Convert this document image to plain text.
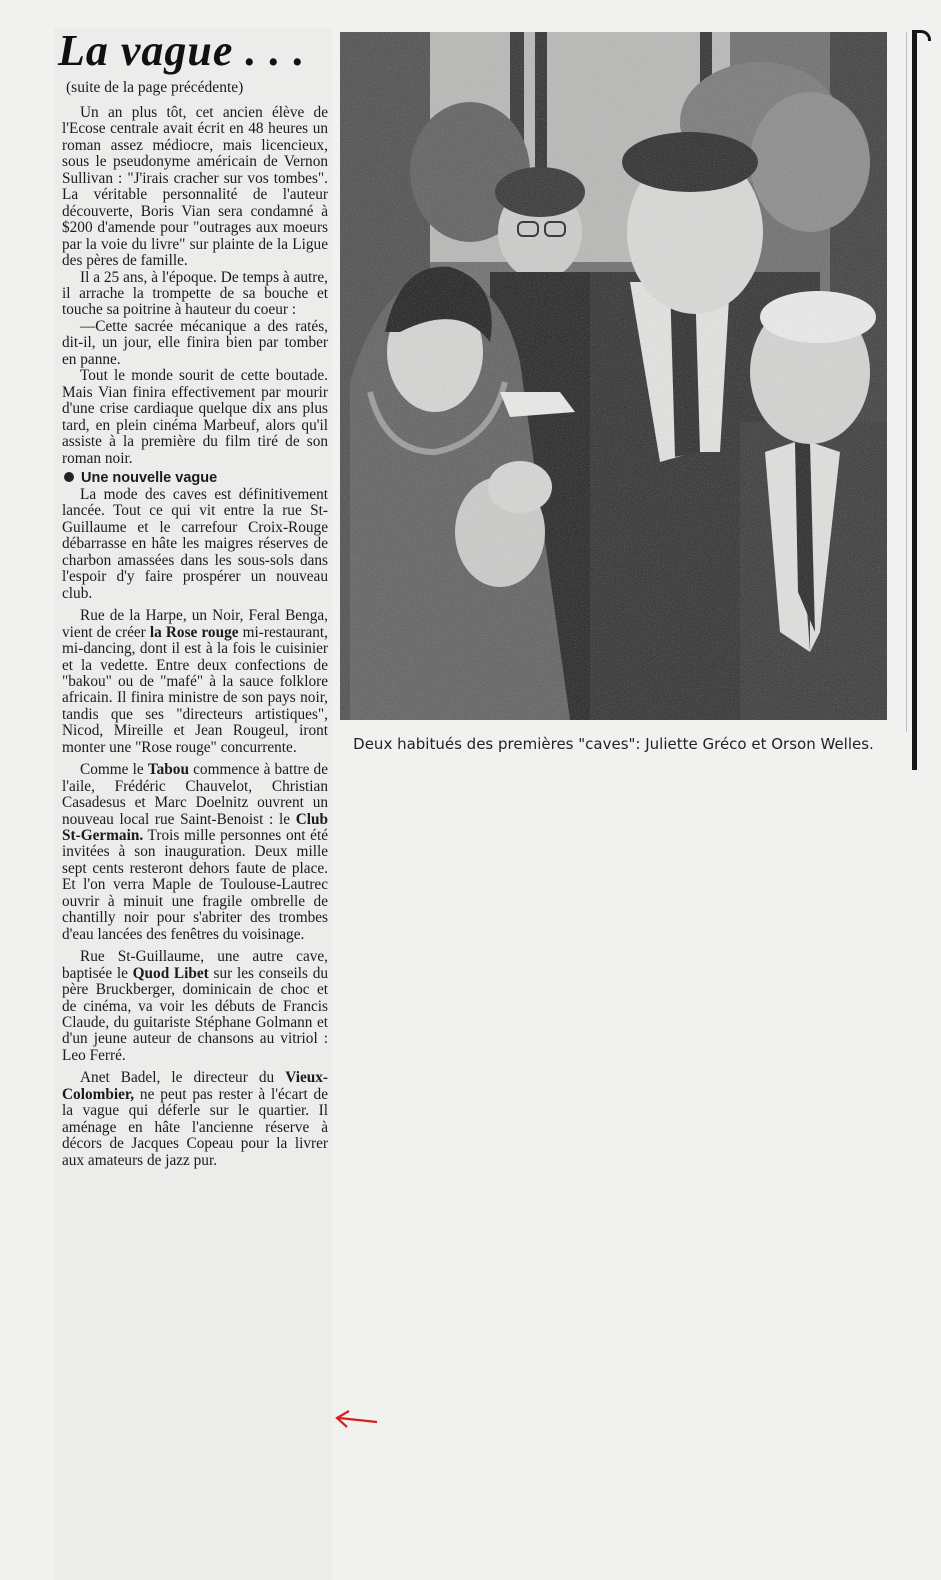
La vague . . .
(suite de la page précédente)

Un an plus tôt, cet ancien élève de l'Ecose centrale avait écrit en 48 heures un roman assez médiocre, mais licencieux, sous le pseudonyme américain de Vernon Sullivan : "J'irais cracher sur vos tombes". La véritable personnalité de l'auteur découverte, Boris Vian sera condamné à $200 d'amende pour "outrages aux moeurs par la voie du livre" sur plainte de la Ligue des pères de famille.

Il a 25 ans, à l'époque. De temps à autre, il arrache la trompette de sa bouche et touche sa poitrine à hauteur du coeur :

—Cette sacrée mécanique a des ratés, dit-il, un jour, elle finira bien par tomber en panne.

Tout le monde sourit de cette boutade. Mais Vian finira effectivement par mourir d'une crise cardiaque quelque dix ans plus tard, en plein cinéma Marbeuf, alors qu'il assiste à la première du film tiré de son roman noir.

Une nouvelle vague

La mode des caves est définitivement lancée. Tout ce qui vit entre la rue St-Guillaume et le carrefour Croix-Rouge débarrasse en hâte les maigres réserves de charbon amassées dans les sous-sols dans l'espoir d'y faire prospérer un nouveau club.

Rue de la Harpe, un Noir, Feral Benga, vient de créer la Rose rouge mi-restaurant, mi-dancing, dont il est à la fois le cuisinier et la vedette. Entre deux confections de "bakou" ou de "mafé" à la sauce folklore africain. Il finira ministre de son pays noir, tandis que ses "directeurs artistiques", Nicod, Mireille et Jean Rougeul, iront monter une "Rose rouge" concurrente.

Comme le Tabou commence à battre de l'aile, Frédéric Chauvelot, Christian Casadesus et Marc Doelnitz ouvrent un nouveau local rue Saint-Benoist : le Club St-Germain. Trois mille personnes ont été invitées à son inauguration. Deux mille sept cents resteront dehors faute de place. Et l'on verra Maple de Toulouse-Lautrec ouvrir à minuit une fragile ombrelle de chantilly noir pour s'abriter des trombes d'eau lancées des fenêtres du voisinage.

Rue St-Guillaume, une autre cave, baptisée le Quod Libet sur les conseils du père Bruckberger, dominicain de choc et de cinéma, va voir les débuts de Francis Claude, du guitariste Stéphane Golmann et d'un jeune auteur de chansons au vitriol : Leo Ferré.

Anet Badel, le directeur du Vieux-Colombier, ne peut pas rester à l'écart de la vague qui déferle sur le quartier. Il aménage en hâte l'ancienne réserve à décors de Jacques Copeau pour la livrer aux amateurs de jazz pur.

Deux habitués des premières "caves": Juliette Gréco et Orson Welles.
